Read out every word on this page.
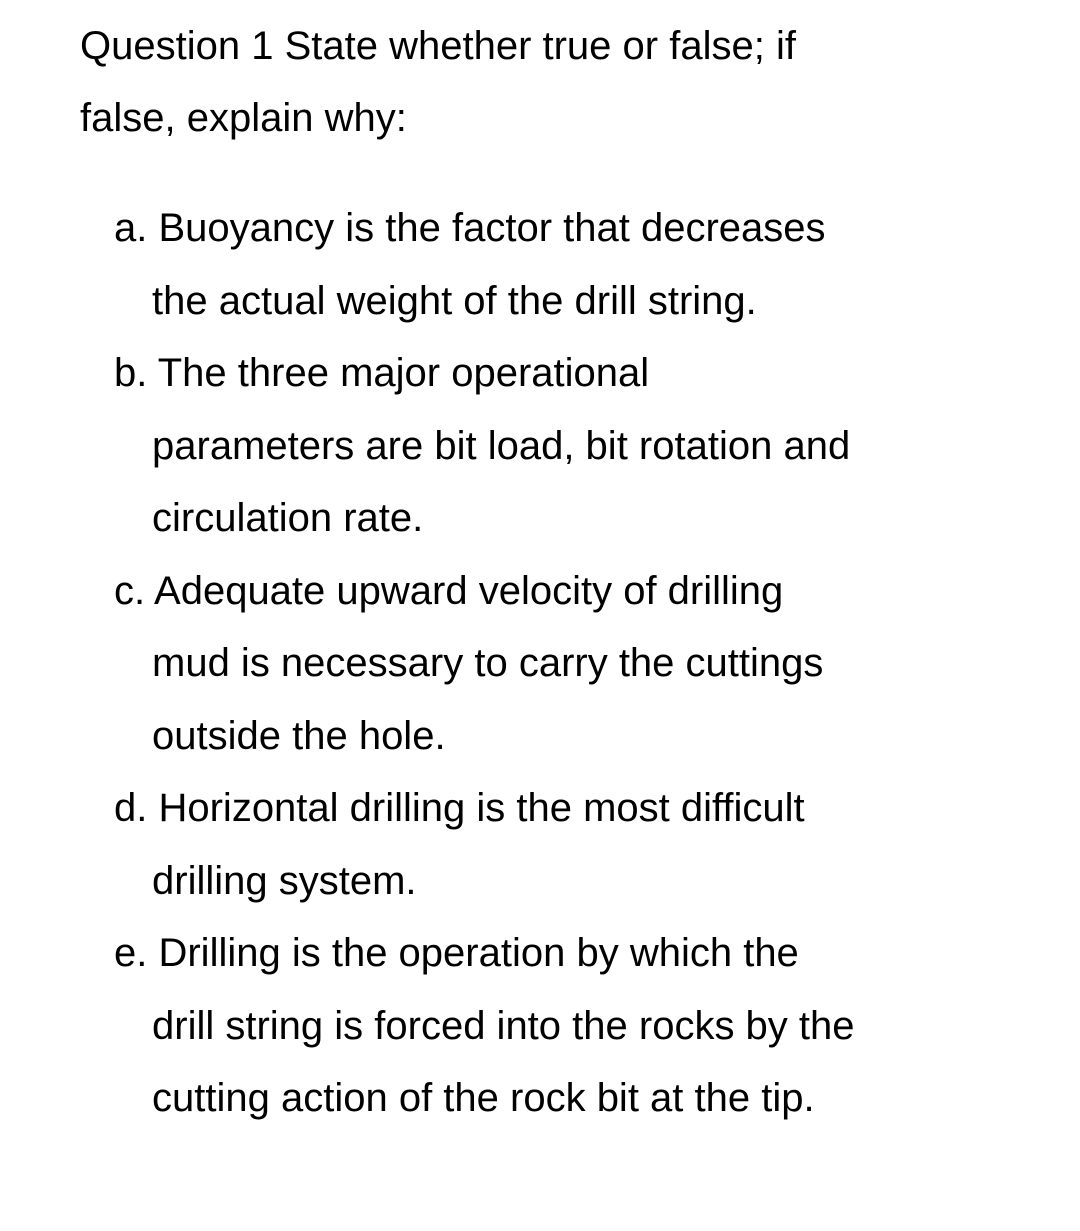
Question 1 State whether true or false; if
false, explain why:
a. Buoyancy is the factor that decreases
the actual weight of the drill string.
b. The three major operational
parameters are bit load, bit rotation and
circulation rate.
c. Adequate upward velocity of drilling
mud is necessary to carry the cuttings
outside the hole.
d. Horizontal drilling is the most difficult
drilling system.
e. Drilling is the operation by which the
drill string is forced into the rocks by the
cutting action of the rock bit at the tip.
